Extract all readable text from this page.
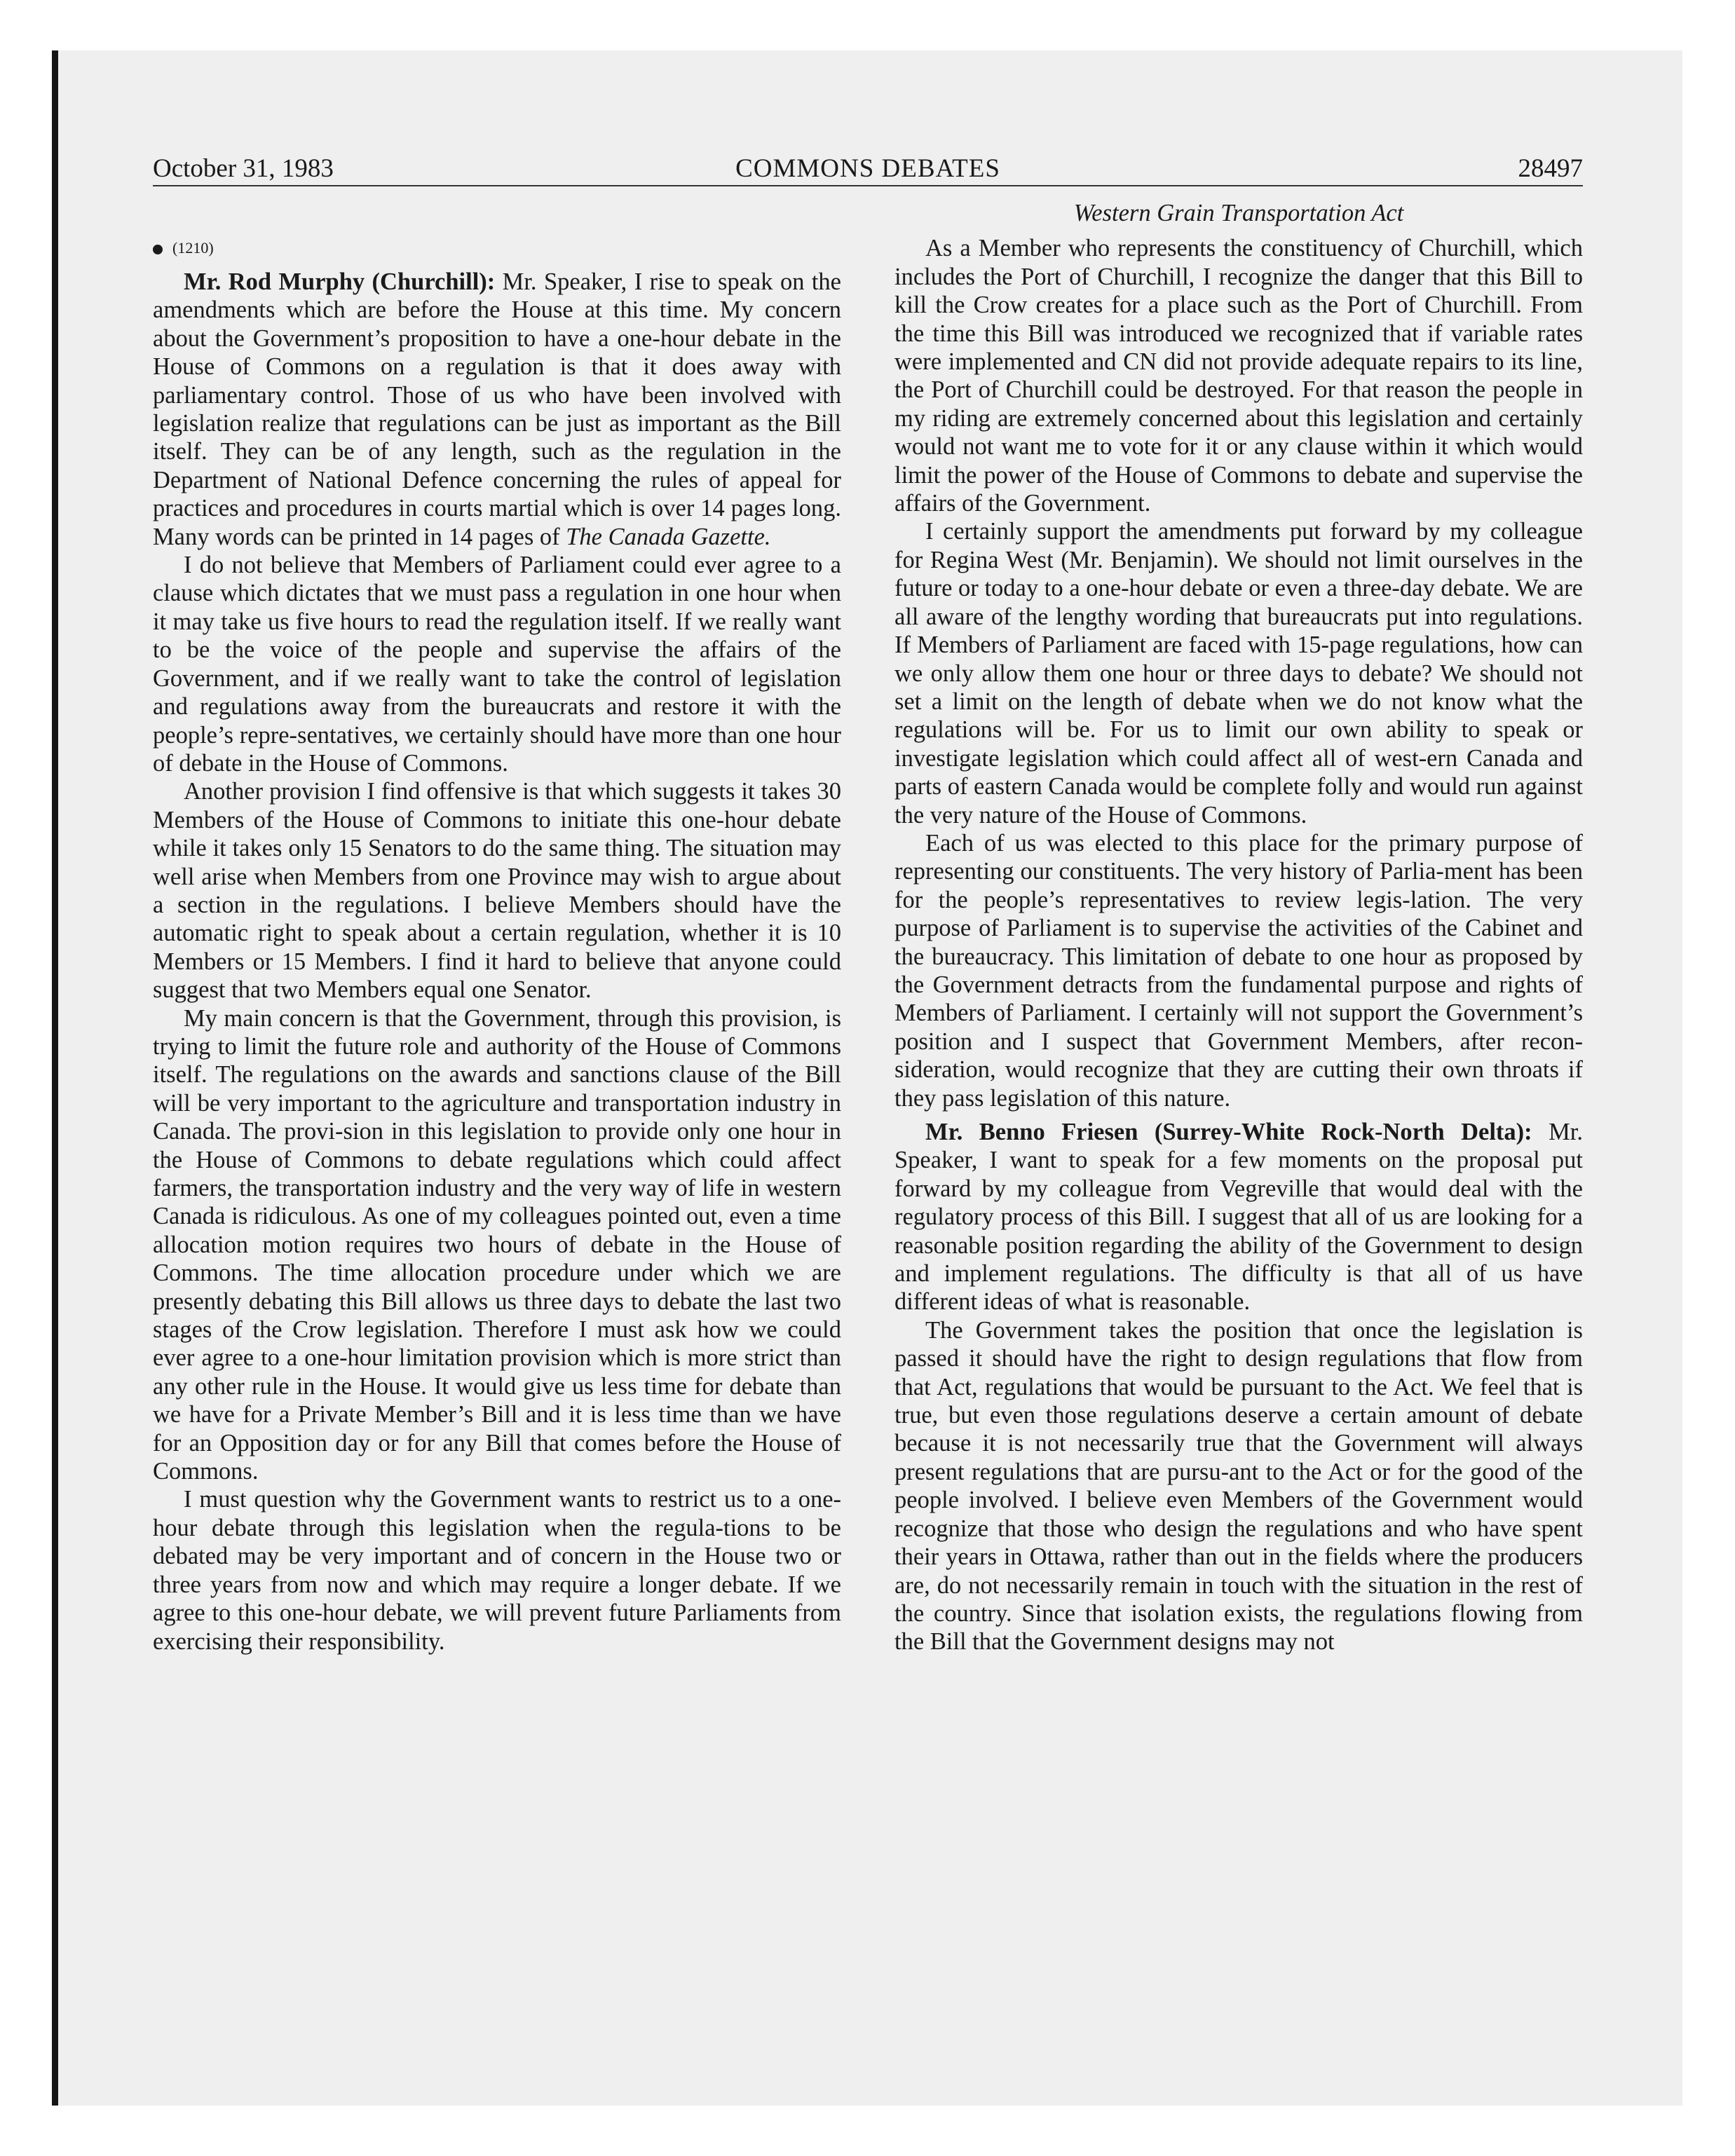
October 31, 1983	COMMONS DEBATES	28497

(1210)

Mr. Rod Murphy (Churchill): Mr. Speaker, I rise to speak on the amendments which are before the House at this time. My concern about the Government’s proposition to have a one-hour debate in the House of Commons on a regulation is that it does away with parliamentary control. Those of us who have been involved with legislation realize that regulations can be just as important as the Bill itself. They can be of any length, such as the regulation in the Department of National Defence concerning the rules of appeal for practices and procedures in courts martial which is over 14 pages long. Many words can be printed in 14 pages of The Canada Gazette.

I do not believe that Members of Parliament could ever agree to a clause which dictates that we must pass a regulation in one hour when it may take us five hours to read the regulation itself. If we really want to be the voice of the people and supervise the affairs of the Government, and if we really want to take the control of legislation and regulations away from the bureaucrats and restore it with the people’s repre-sentatives, we certainly should have more than one hour of debate in the House of Commons.

Another provision I find offensive is that which suggests it takes 30 Members of the House of Commons to initiate this one-hour debate while it takes only 15 Senators to do the same thing. The situation may well arise when Members from one Province may wish to argue about a section in the regulations. I believe Members should have the automatic right to speak about a certain regulation, whether it is 10 Members or 15 Members. I find it hard to believe that anyone could suggest that two Members equal one Senator.

My main concern is that the Government, through this provision, is trying to limit the future role and authority of the House of Commons itself. The regulations on the awards and sanctions clause of the Bill will be very important to the agriculture and transportation industry in Canada. The provi-sion in this legislation to provide only one hour in the House of Commons to debate regulations which could affect farmers, the transportation industry and the very way of life in western Canada is ridiculous. As one of my colleagues pointed out, even a time allocation motion requires two hours of debate in the House of Commons. The time allocation procedure under which we are presently debating this Bill allows us three days to debate the last two stages of the Crow legislation. Therefore I must ask how we could ever agree to a one-hour limitation provision which is more strict than any other rule in the House. It would give us less time for debate than we have for a Private Member’s Bill and it is less time than we have for an Opposition day or for any Bill that comes before the House of Commons.

I must question why the Government wants to restrict us to a one-hour debate through this legislation when the regula-tions to be debated may be very important and of concern in the House two or three years from now and which may require a longer debate. If we agree to this one-hour debate, we will prevent future Parliaments from exercising their responsibility.

Western Grain Transportation Act

As a Member who represents the constituency of Churchill, which includes the Port of Churchill, I recognize the danger that this Bill to kill the Crow creates for a place such as the Port of Churchill. From the time this Bill was introduced we recognized that if variable rates were implemented and CN did not provide adequate repairs to its line, the Port of Churchill could be destroyed. For that reason the people in my riding are extremely concerned about this legislation and certainly would not want me to vote for it or any clause within it which would limit the power of the House of Commons to debate and supervise the affairs of the Government.

I certainly support the amendments put forward by my colleague for Regina West (Mr. Benjamin). We should not limit ourselves in the future or today to a one-hour debate or even a three-day debate. We are all aware of the lengthy wording that bureaucrats put into regulations. If Members of Parliament are faced with 15-page regulations, how can we only allow them one hour or three days to debate? We should not set a limit on the length of debate when we do not know what the regulations will be. For us to limit our own ability to speak or investigate legislation which could affect all of west-ern Canada and parts of eastern Canada would be complete folly and would run against the very nature of the House of Commons.

Each of us was elected to this place for the primary purpose of representing our constituents. The very history of Parlia-ment has been for the people’s representatives to review legis-lation. The very purpose of Parliament is to supervise the activities of the Cabinet and the bureaucracy. This limitation of debate to one hour as proposed by the Government detracts from the fundamental purpose and rights of Members of Parliament. I certainly will not support the Government’s position and I suspect that Government Members, after recon-sideration, would recognize that they are cutting their own throats if they pass legislation of this nature.

Mr. Benno Friesen (Surrey-White Rock-North Delta): Mr. Speaker, I want to speak for a few moments on the proposal put forward by my colleague from Vegreville that would deal with the regulatory process of this Bill. I suggest that all of us are looking for a reasonable position regarding the ability of the Government to design and implement regulations. The difficulty is that all of us have different ideas of what is reasonable.

The Government takes the position that once the legislation is passed it should have the right to design regulations that flow from that Act, regulations that would be pursuant to the Act. We feel that is true, but even those regulations deserve a certain amount of debate because it is not necessarily true that the Government will always present regulations that are pursu-ant to the Act or for the good of the people involved. I believe even Members of the Government would recognize that those who design the regulations and who have spent their years in Ottawa, rather than out in the fields where the producers are, do not necessarily remain in touch with the situation in the rest of the country. Since that isolation exists, the regulations flowing from the Bill that the Government designs may not
